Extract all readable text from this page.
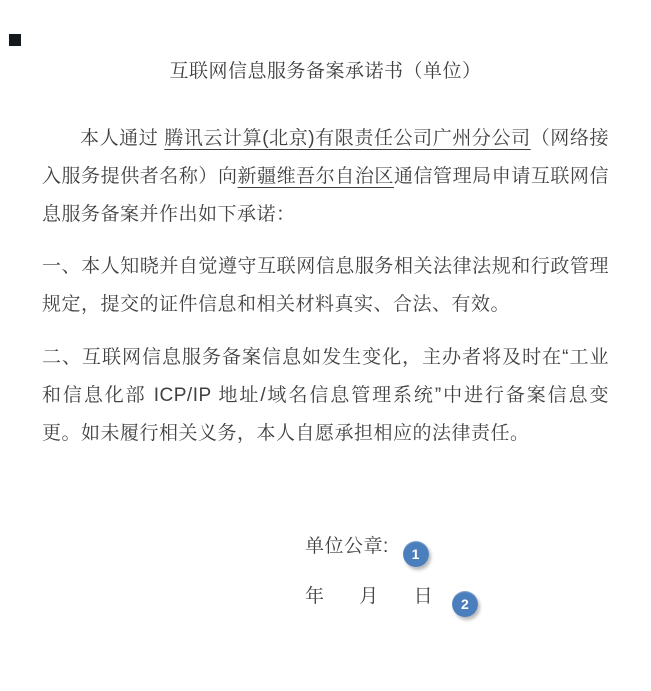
互联网信息服务备案承诺书（单位）

本人通过 腾讯云计算(北京)有限责任公司广州分公司（网络接入服务提供者名称）向新疆维吾尔自治区通信管理局申请互联网信息服务备案并作出如下承诺：

一、本人知晓并自觉遵守互联网信息服务相关法律法规和行政管理规定，提交的证件信息和相关材料真实、合法、有效。

二、互联网信息服务备案信息如发生变化，主办者将及时在“工业和信息化部 ICP/IP 地址/域名信息管理系统”中进行备案信息变更。如未履行相关义务，本人自愿承担相应的法律责任。

单位公章: 1
年 月 日 2
